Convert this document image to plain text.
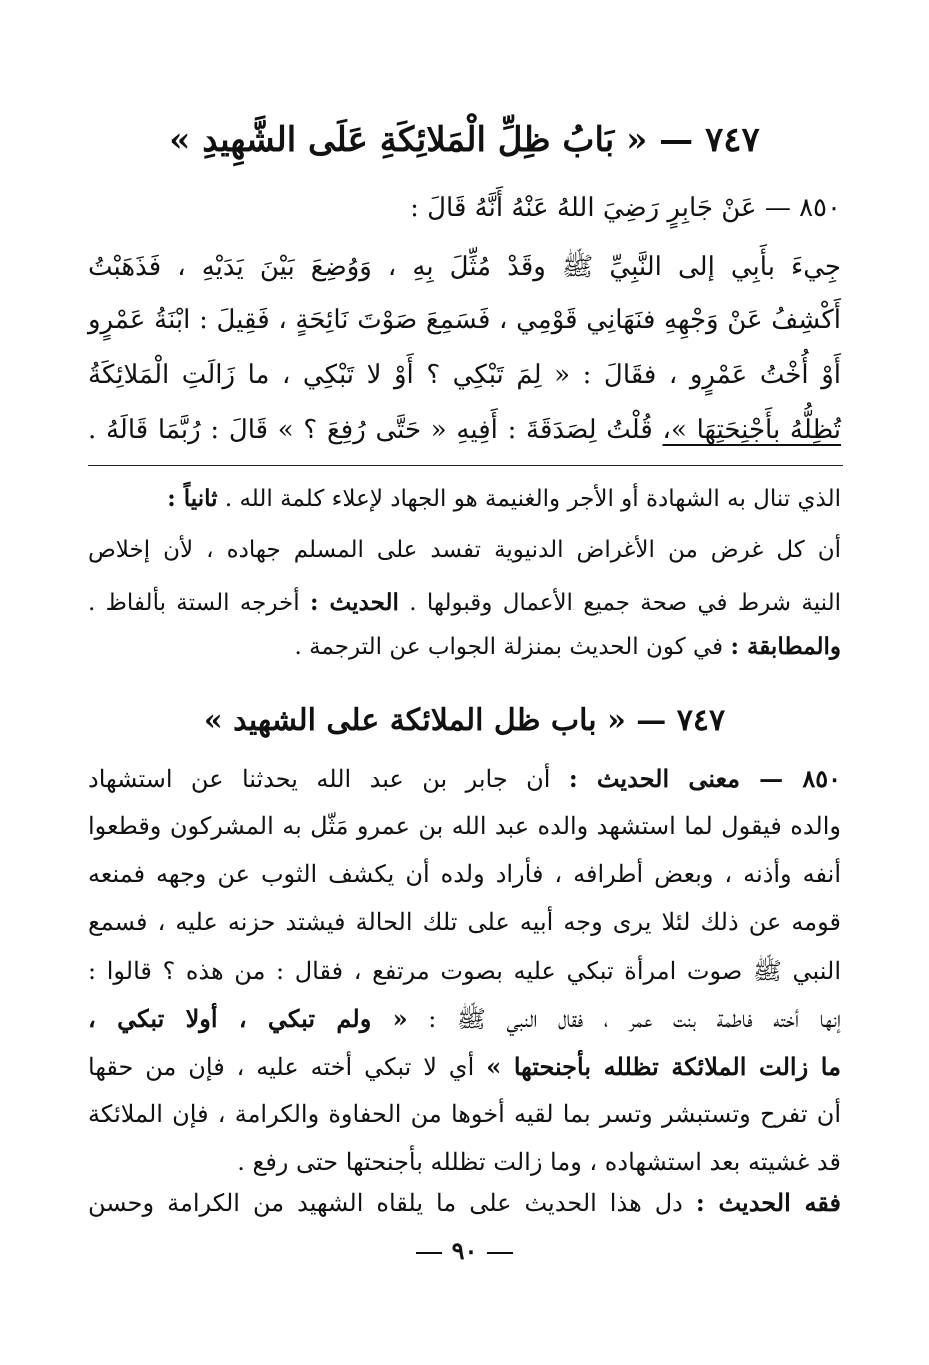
٧٤٧ — « بَابُ ظِلِّ الْمَلائِكَةِ عَلَى الشَّهِيدِ »
٨٥٠ — عَنْ جَابِرٍ رَضِيَ اللهُ عَنْهُ أَنَّهُ قَالَ :
جِيءَ بأَبِي إلى النَّبِيِّ ﷺ وقَدْ مُثِّلَ بِهِ ، وَوُضِعَ بَيْنَ يَدَيْهِ ، فَذَهَبْتُ
أَكْشِفُ عَنْ وَجْهِهِ فنَهَانِي قَوْمِي ، فَسَمِعَ صَوْتَ نَائِحَةٍ ، فَقِيلَ : ابْنَةُ عَمْرٍو
أَوْ أُخْتُ عَمْرٍو ، فقَالَ : « لِمَ تَبْكِي ؟ أَوْ لا تَبْكِي ، ما زَالَتِ الْمَلائِكَةُ
تُظِلُّهُ بأَجْنِحَتِهَا »، قُلْتُ لِصَدَقَةَ : أَفِيهِ « حَتَّى رُفِعَ ؟ » قَالَ : رُبَّمَا قَالَهُ .
الذي تنال به الشهادة أو الأجر والغنيمة هو الجهاد لإعلاء كلمة الله . ثانياً :
أن كل غرض من الأغراض الدنيوية تفسد على المسلم جهاده ، لأن إخلاص
النية شرط في صحة جميع الأعمال وقبولها . الحديث : أخرجه الستة بألفاظ .
والمطابقة : في كون الحديث بمنزلة الجواب عن الترجمة .
٧٤٧ — « باب ظل الملائكة على الشهيد »
٨٥٠ — معنى الحديث : أن جابر بن عبد الله يحدثنا عن استشهاد
والده فيقول لما استشهد والده عبد الله بن عمرو مَثّل به المشركون وقطعوا
أنفه وأذنه ، وبعض أطرافه ، فأراد ولده أن يكشف الثوب عن وجهه فمنعه
قومه عن ذلك لئلا يرى وجه أبيه على تلك الحالة فيشتد حزنه عليه ، فسمع
النبي ﷺ صوت امرأة تبكي عليه بصوت مرتفع ، فقال : من هذه ؟ قالوا :
إنها أخته فاطمة بنت عمر ، فقال النبي ﷺ : « ولم تبكي ، أولا تبكي ،
ما زالت الملائكة تظلله بأجنحتها » أي لا تبكي أخته عليه ، فإن من حقها
أن تفرح وتستبشر وتسر بما لقيه أخوها من الحفاوة والكرامة ، فإن الملائكة
قد غشيته بعد استشهاده ، وما زالت تظلله بأجنحتها حتى رفع .
فقه الحديث : دل هذا الحديث على ما يلقاه الشهيد من الكرامة وحسن
٩٠
